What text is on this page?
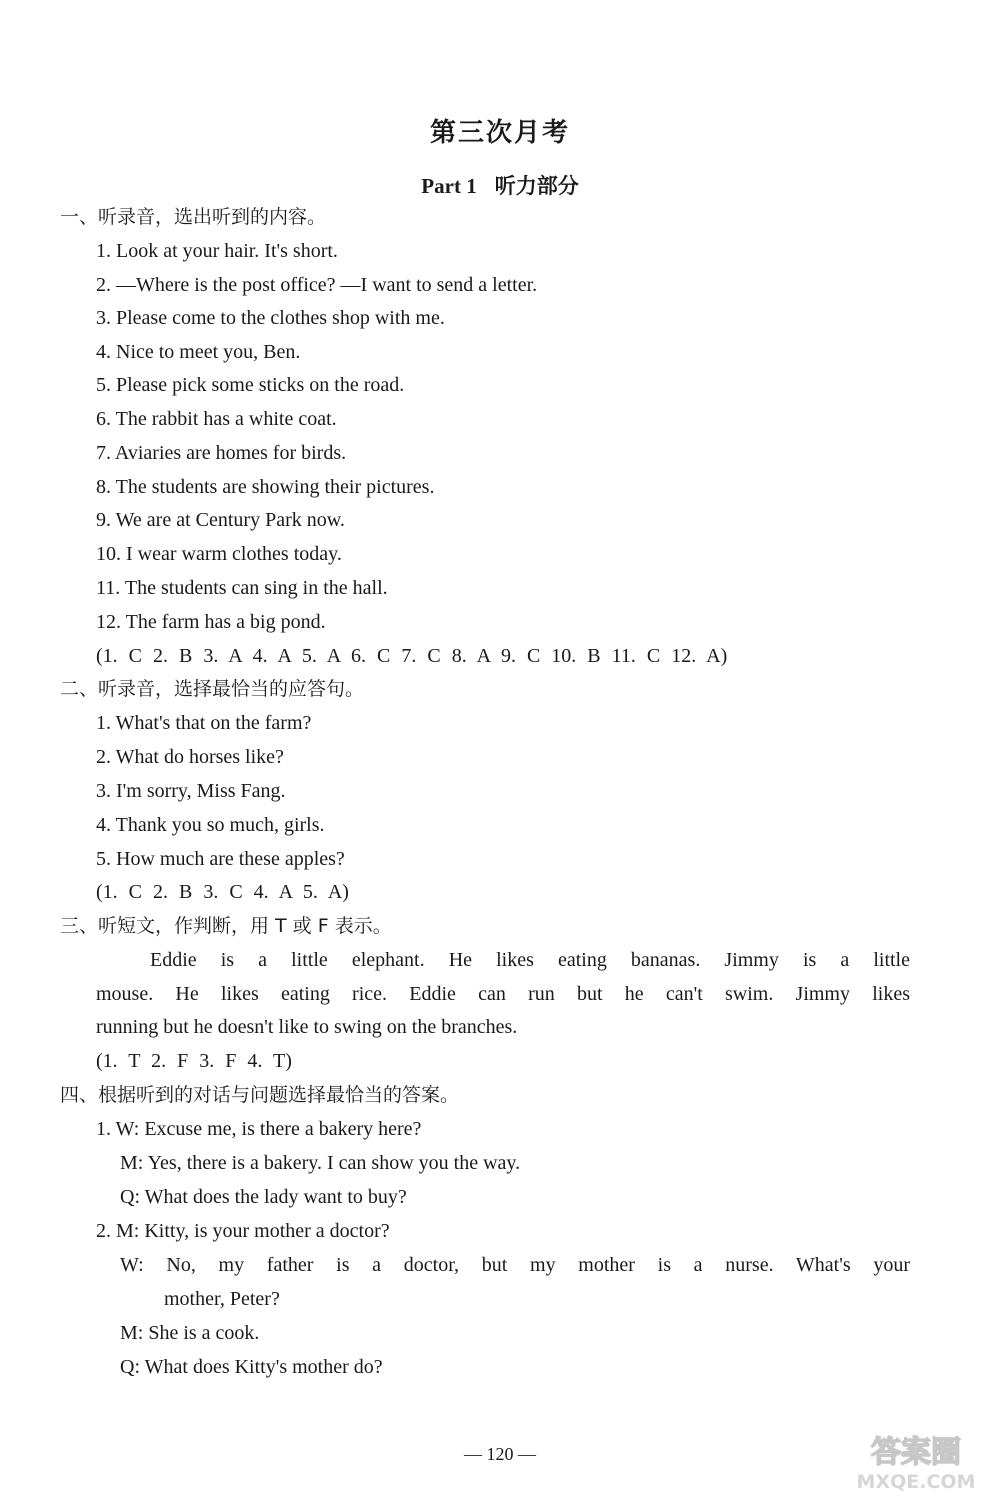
第三次月考
Part 1 听力部分
一、听录音，选出听到的内容。
1. Look at your hair. It's short.
2. —Where is the post office? —I want to send a letter.
3. Please come to the clothes shop with me.
4. Nice to meet you, Ben.
5. Please pick some sticks on the road.
6. The rabbit has a white coat.
7. Aviaries are homes for birds.
8. The students are showing their pictures.
9. We are at Century Park now.
10. I wear warm clothes today.
11. The students can sing in the hall.
12. The farm has a big pond.
(1. C 2. B 3. A 4. A 5. A 6. C 7. C 8. A 9. C 10. B 11. C 12. A)
二、听录音，选择最恰当的应答句。
1. What's that on the farm?
2. What do horses like?
3. I'm sorry, Miss Fang.
4. Thank you so much, girls.
5. How much are these apples?
(1. C 2. B 3. C 4. A 5. A)
三、听短文，作判断，用 T 或 F 表示。
Eddie is a little elephant. He likes eating bananas. Jimmy is a little
mouse. He likes eating rice. Eddie can run but he can't swim. Jimmy likes
running but he doesn't like to swing on the branches.
(1. T 2. F 3. F 4. T)
四、根据听到的对话与问题选择最恰当的答案。
1. W: Excuse me, is there a bakery here?
M: Yes, there is a bakery. I can show you the way.
Q: What does the lady want to buy?
2. M: Kitty, is your mother a doctor?
W: No, my father is a doctor, but my mother is a nurse. What's your
mother, Peter?
M: She is a cook.
Q: What does Kitty's mother do?
— 120 —	答案圈
MXQE.COM
